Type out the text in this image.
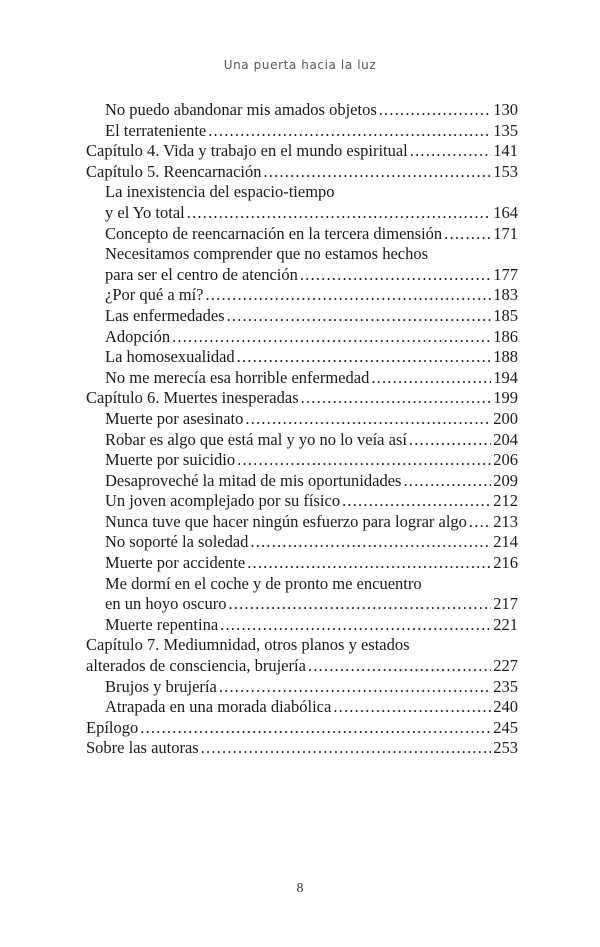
Una puerta hacia la luz
No puedo abandonar mis amados objetos .....	130
El terrateniente .....	135
Capítulo 4. Vida y trabajo en el mundo espiritual .....	141
Capítulo 5. Reencarnación .....	153
La inexistencia del espacio-tiempo
y el Yo total .....	164
Concepto de reencarnación en la tercera dimensión .....	171
Necesitamos comprender que no estamos hechos
para ser el centro de atención .....	177
¿Por qué a mí? .....	183
Las enfermedades .....	185
Adopción .....	186
La homosexualidad .....	188
No me merecía esa horrible enfermedad .....	194
Capítulo 6. Muertes inesperadas .....	199
Muerte por asesinato .....	200
Robar es algo que está mal y yo no lo veía así .....	204
Muerte por suicidio .....	206
Desaproveché la mitad de mis oportunidades .....	209
Un joven acomplejado por su físico .....	212
Nunca tuve que hacer ningún esfuerzo para lograr algo ..... 213
No soporté la soledad .....	214
Muerte por accidente .....	216
Me dormí en el coche y de pronto me encuentro
en un hoyo oscuro .....	217
Muerte repentina .....	221
Capítulo 7. Mediumnidad, otros planos y estados
alterados de consciencia, brujería .....	227
Brujos y brujería .....	235
Atrapada en una morada diabólica .....	240
Epílogo .....	245
Sobre las autoras .....	253
8
